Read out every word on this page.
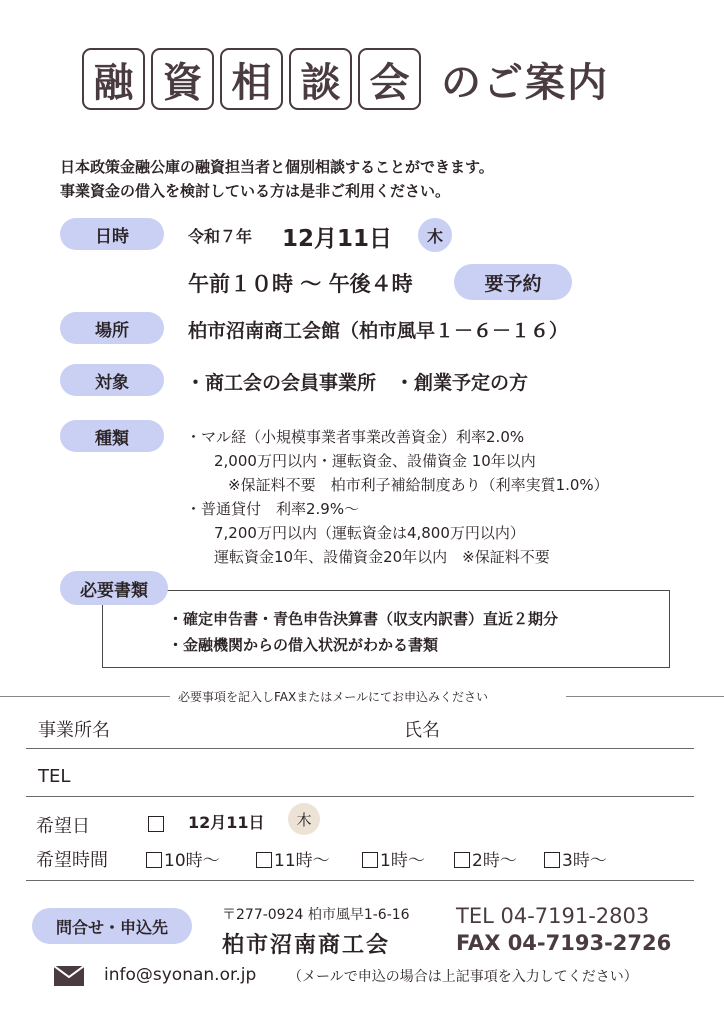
融 資 相 談 会 のご案内
日本政策金融公庫の融資担当者と個別相談することができます。
事業資金の借入を検討している方は是非ご利用ください。
日時	令和７年 12月11日 木
午前１０時 ～ 午後４時	要予約
場所	柏市沼南商工会館（柏市風早１－６－１６）
対象	・商工会の会員事業所　・創業予定の方
種類	・マル経（小規模事業者事業改善資金）利率2.0%
2,000万円以内・運転資金、設備資金 10年以内
※保証料不要　柏市利子補給制度あり（利率実質1.0%）
・普通貸付　利率2.9%～
7,200万円以内（運転資金は4,800万円以内）
運転資金10年、設備資金20年以内　※保証料不要
必要書類
・確定申告書・青色申告決算書（収支内訳書）直近２期分
・金融機関からの借入状況がわかる書類
必要事項を記入しFAXまたはメールにてお申込みください
事業所名	氏名
TEL
希望日	12月11日 木
希望時間	10時～	11時～	1時～	2時～	3時～
問合せ・申込先
〒277-0924 柏市風早1-6-16
柏市沼南商工会
TEL 04-7191-2803
FAX 04-7193-2726
info@syonan.or.jp （メールで申込の場合は上記事項を入力してください）
